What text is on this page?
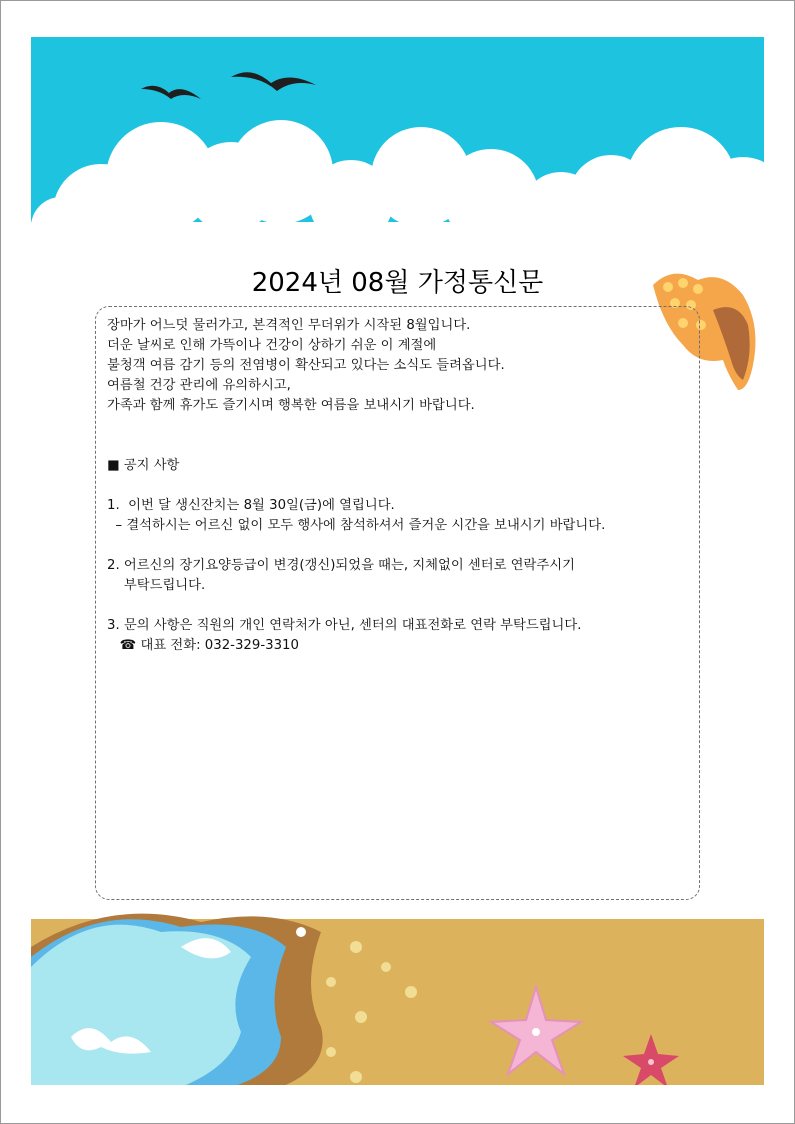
2024년 08월 가정통신문
장마가 어느덧 물러가고, 본격적인 무더위가 시작된 8월입니다.
더운 날씨로 인해 가뜩이나 건강이 상하기 쉬운 이 계절에
불청객 여름 감기 등의 전염병이 확산되고 있다는 소식도 들려옵니다.
여름철 건강 관리에 유의하시고,
가족과 함께 휴가도 즐기시며 행복한 여름을 보내시기 바랍니다.
■ 공지 사항
1.  이번 달 생신잔치는 8월 30일(금)에 열립니다.
– 결석하시는 어르신 없이 모두 행사에 참석하셔서 즐거운 시간을 보내시기 바랍니다.
2. 어르신의 장기요양등급이 변경(갱신)되었을 때는, 지체없이 센터로 연락주시기
부탁드립니다.
3. 문의 사항은 직원의 개인 연락처가 아닌, 센터의 대표전화로 연락 부탁드립니다.
☎ 대표 전화: 032-329-3310
